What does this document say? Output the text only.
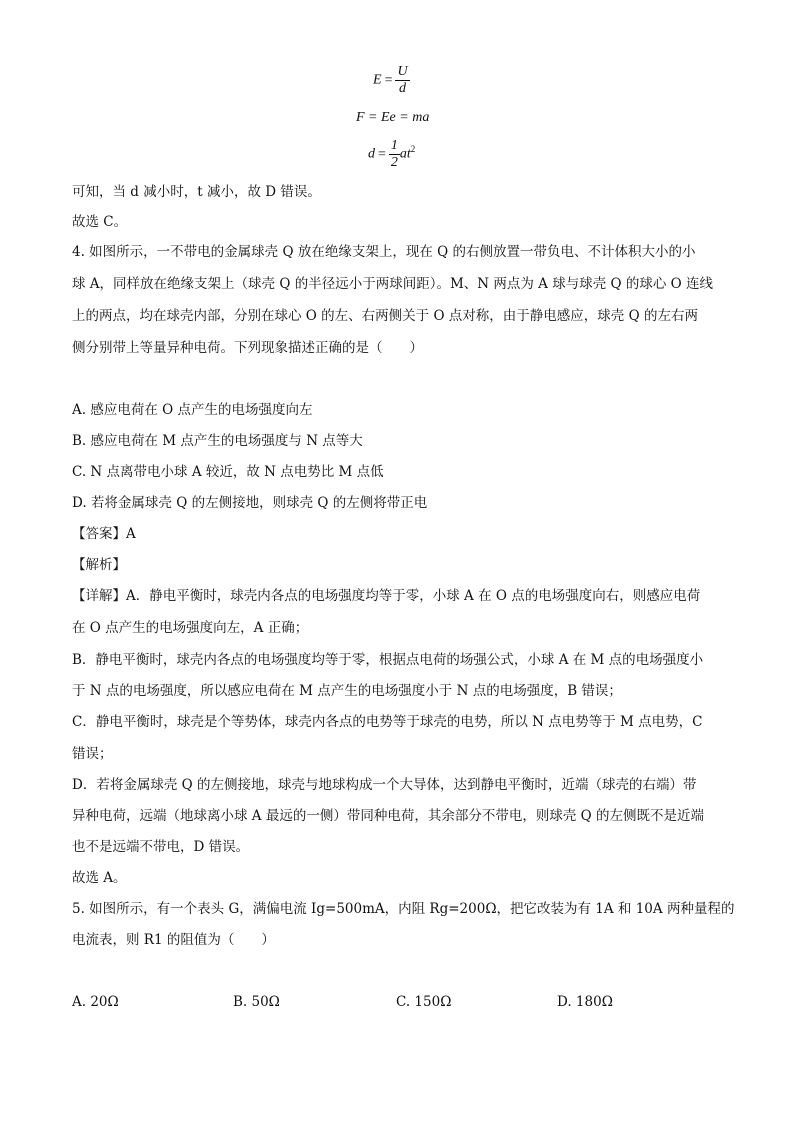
$E = \frac{U}{d}$
F = Ee = ma
$d = \frac{1}{2} at^2$
可知，当 d 减小时，t 减小，故 D 错误。
故选 C。
4. 如图所示，一不带电的金属球壳 Q 放在绝缘支架上，现在 Q 的右侧放置一带负电、不计体积大小的小
球 A，同样放在绝缘支架上（球壳 Q 的半径远小于两球间距）。M、N 两点为 A 球与球壳 Q 的球心 O 连线
上的两点，均在球壳内部，分别在球心 O 的左、右两侧关于 O 点对称，由于静电感应，球壳 Q 的左右两
侧分别带上等量异种电荷。下列现象描述正确的是（　　）
A. 感应电荷在 O 点产生的电场强度向左
B. 感应电荷在 M 点产生的电场强度与 N 点等大
C. N 点离带电小球 A 较近，故 N 点电势比 M 点低
D. 若将金属球壳 Q 的左侧接地，则球壳 Q 的左侧将带正电
【答案】A
【解析】
【详解】A．静电平衡时，球壳内各点的电场强度均等于零，小球 A 在 O 点的电场强度向右，则感应电荷
在 O 点产生的电场强度向左，A 正确；
B．静电平衡时，球壳内各点的电场强度均等于零，根据点电荷的场强公式，小球 A 在 M 点的电场强度小
于 N 点的电场强度，所以感应电荷在 M 点产生的电场强度小于 N 点的电场强度，B 错误；
C．静电平衡时，球壳是个等势体，球壳内各点的电势等于球壳的电势，所以 N 点电势等于 M 点电势，C
错误；
D．若将金属球壳 Q 的左侧接地，球壳与地球构成一个大导体，达到静电平衡时，近端（球壳的右端）带
异种电荷，远端（地球离小球 A 最远的一侧）带同种电荷，其余部分不带电，则球壳 Q 的左侧既不是近端
也不是远端不带电，D 错误。
故选 A。
5. 如图所示，有一个表头 G，满偏电流 Ig=500mA，内阻 Rg=200Ω，把它改装为有 1A 和 10A 两种量程的
电流表，则 R1 的阻值为（　　）
A. 20Ω	B. 50Ω	C. 150Ω	D. 180Ω
